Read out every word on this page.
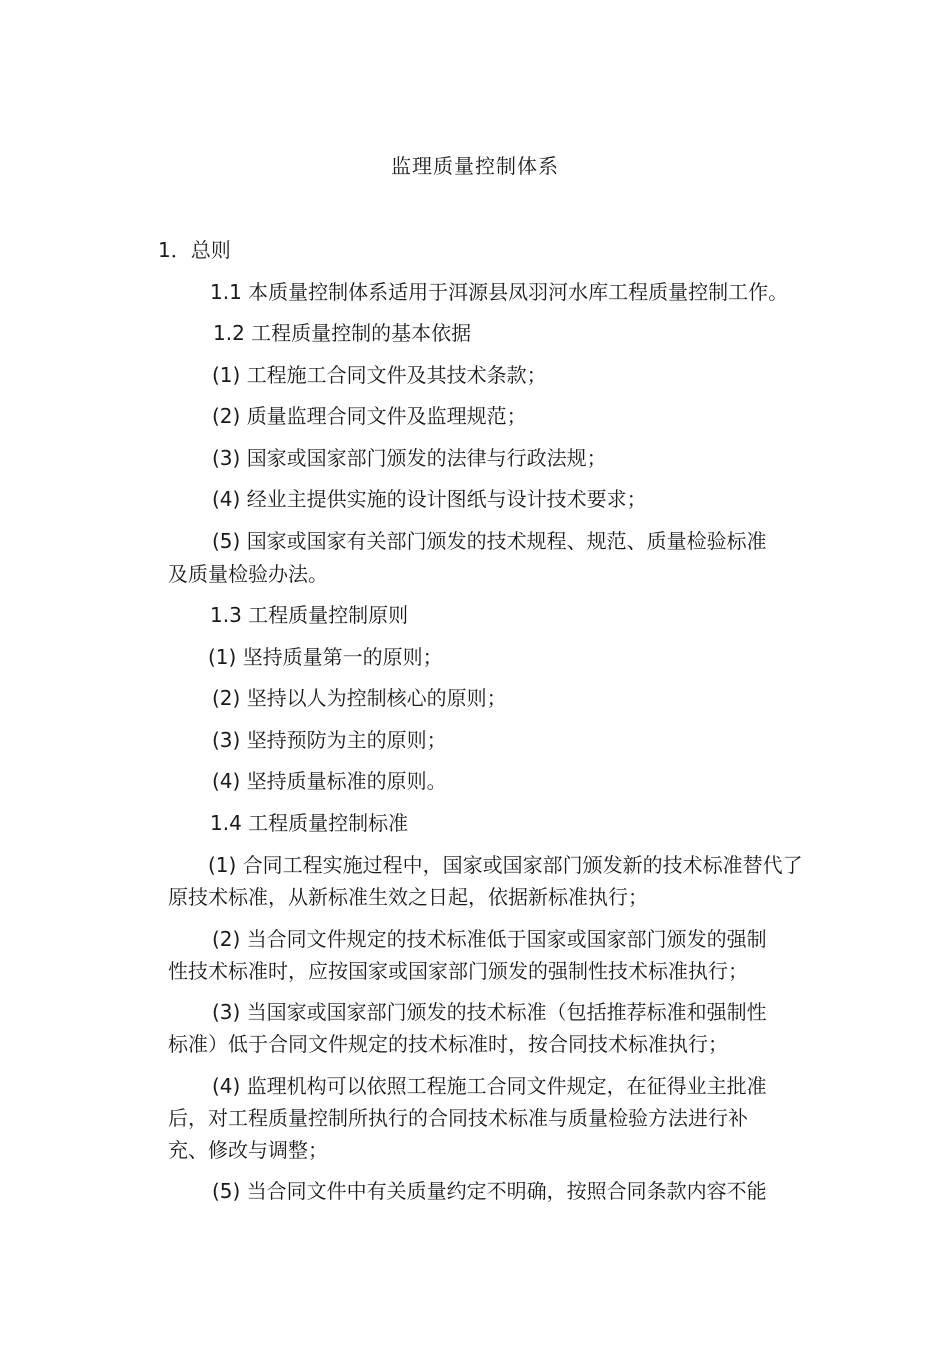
监理质量控制体系
1．总则
1.1 本质量控制体系适用于洱源县凤羽河水库工程质量控制工作。
1.2 工程质量控制的基本依据
(1) 工程施工合同文件及其技术条款；
(2) 质量监理合同文件及监理规范；
(3) 国家或国家部门颁发的法律与行政法规；
(4) 经业主提供实施的设计图纸与设计技术要求；
(5) 国家或国家有关部门颁发的技术规程、规范、质量检验标准
及质量检验办法。
1.3 工程质量控制原则
(1) 坚持质量第一的原则；
(2) 坚持以人为控制核心的原则；
(3) 坚持预防为主的原则；
(4) 坚持质量标准的原则。
1.4 工程质量控制标准
(1) 合同工程实施过程中，国家或国家部门颁发新的技术标准替代了
原技术标准，从新标准生效之日起，依据新标准执行；
(2) 当合同文件规定的技术标准低于国家或国家部门颁发的强制
性技术标准时，应按国家或国家部门颁发的强制性技术标准执行；
(3) 当国家或国家部门颁发的技术标准（包括推荐标准和强制性
标准）低于合同文件规定的技术标准时，按合同技术标准执行；
(4) 监理机构可以依照工程施工合同文件规定，在征得业主批准
后，对工程质量控制所执行的合同技术标准与质量检验方法进行补
充、修改与调整；
(5) 当合同文件中有关质量约定不明确，按照合同条款内容不能
